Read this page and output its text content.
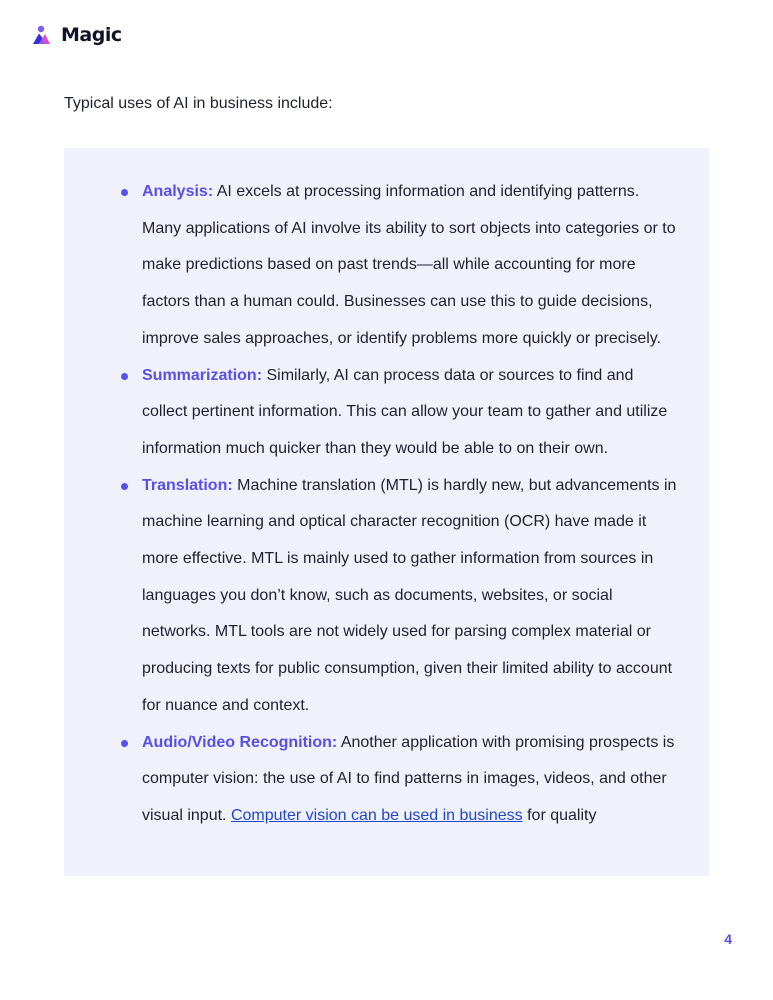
Magic

Typical uses of AI in business include:

Analysis: AI excels at processing information and identifying patterns. Many applications of AI involve its ability to sort objects into categories or to make predictions based on past trends—all while accounting for more factors than a human could. Businesses can use this to guide decisions, improve sales approaches, or identify problems more quickly or precisely.
Summarization: Similarly, AI can process data or sources to find and collect pertinent information. This can allow your team to gather and utilize information much quicker than they would be able to on their own.
Translation: Machine translation (MTL) is hardly new, but advancements in machine learning and optical character recognition (OCR) have made it more effective. MTL is mainly used to gather information from sources in languages you don’t know, such as documents, websites, or social networks. MTL tools are not widely used for parsing complex material or producing texts for public consumption, given their limited ability to account for nuance and context.
Audio/Video Recognition: Another application with promising prospects is computer vision: the use of AI to find patterns in images, videos, and other visual input. Computer vision can be used in business for quality
4
